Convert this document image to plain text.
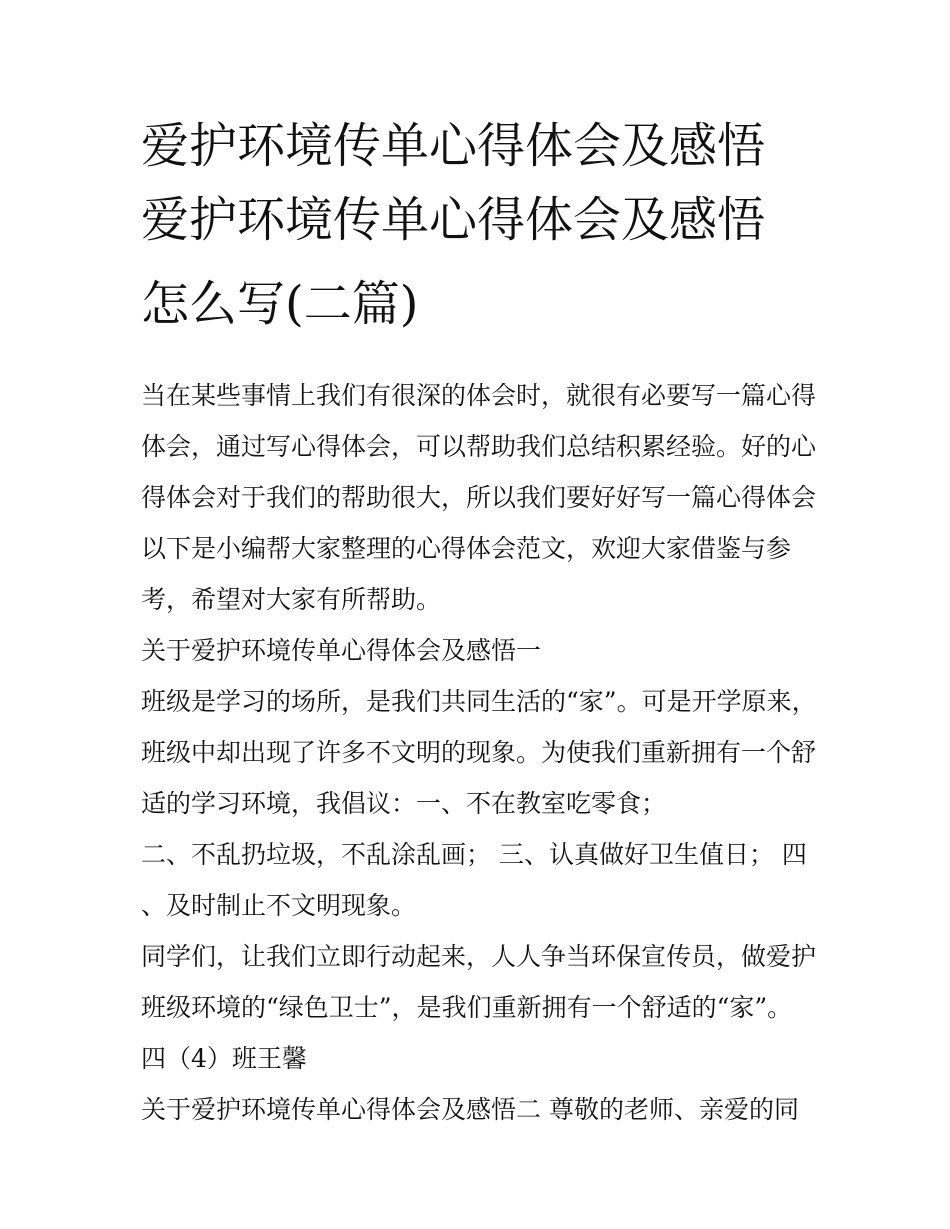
爱护环境传单心得体会及感悟
爱护环境传单心得体会及感悟
怎么写(二篇)
当在某些事情上我们有很深的体会时，就很有必要写一篇心得
体会，通过写心得体会，可以帮助我们总结积累经验。好的心
得体会对于我们的帮助很大，所以我们要好好写一篇心得体会
以下是小编帮大家整理的心得体会范文，欢迎大家借鉴与参
考，希望对大家有所帮助。
关于爱护环境传单心得体会及感悟一
班级是学习的场所，是我们共同生活的“家”。可是开学原来，
班级中却出现了许多不文明的现象。为使我们重新拥有一个舒
适的学习环境，我倡议：一、不在教室吃零食；
二、不乱扔垃圾，不乱涂乱画； 三、认真做好卫生值日； 四
、及时制止不文明现象。
同学们，让我们立即行动起来，人人争当环保宣传员，做爱护
班级环境的“绿色卫士”，是我们重新拥有一个舒适的“家”。
四（4）班王馨
关于爱护环境传单心得体会及感悟二 尊敬的老师、亲爱的同
